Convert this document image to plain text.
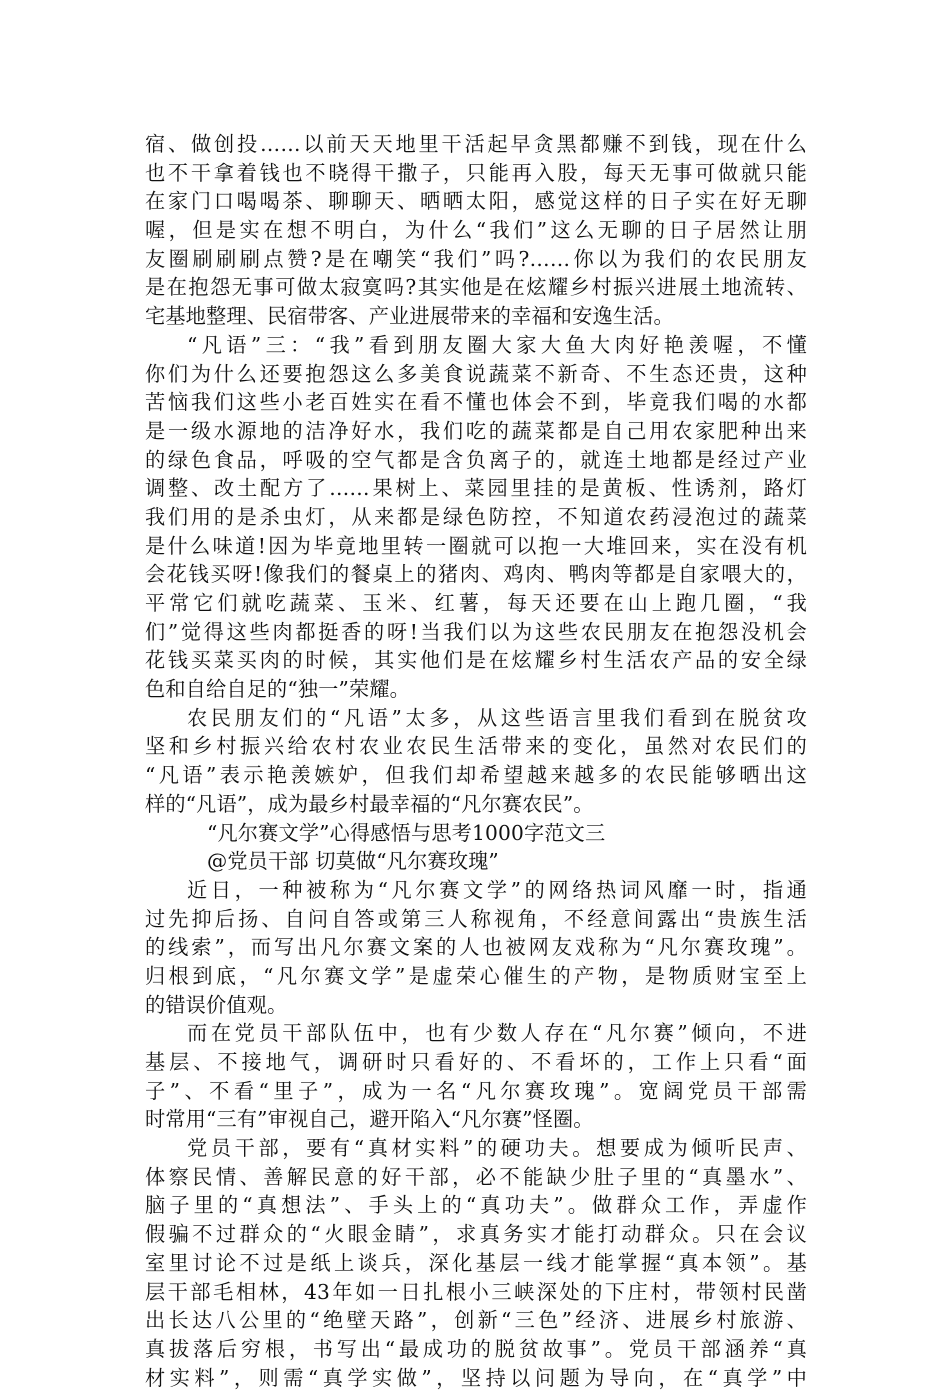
宿、做创投……以前天天地里干活起早贪黑都赚不到钱，现在什么
也不干拿着钱也不晓得干撒子，只能再入股，每天无事可做就只能
在家门口喝喝茶、聊聊天、晒晒太阳，感觉这样的日子实在好无聊
喔，但是实在想不明白，为什么“我们”这么无聊的日子居然让朋
友圈刷刷刷点赞?是在嘲笑“我们”吗?……你以为我们的农民朋友
是在抱怨无事可做太寂寞吗?其实他是在炫耀乡村振兴进展土地流转、
宅基地整理、民宿带客、产业进展带来的幸福和安逸生活。
“凡语”三：“我”看到朋友圈大家大鱼大肉好艳羡喔，不懂
你们为什么还要抱怨这么多美食说蔬菜不新奇、不生态还贵，这种
苦恼我们这些小老百姓实在看不懂也体会不到，毕竟我们喝的水都
是一级水源地的洁净好水，我们吃的蔬菜都是自己用农家肥种出来
的绿色食品，呼吸的空气都是含负离子的，就连土地都是经过产业
调整、改土配方了……果树上、菜园里挂的是黄板、性诱剂，路灯
我们用的是杀虫灯，从来都是绿色防控，不知道农药浸泡过的蔬菜
是什么味道!因为毕竟地里转一圈就可以抱一大堆回来，实在没有机
会花钱买呀!像我们的餐桌上的猪肉、鸡肉、鸭肉等都是自家喂大的，
平常它们就吃蔬菜、玉米、红薯，每天还要在山上跑几圈，“我
们”觉得这些肉都挺香的呀!当我们以为这些农民朋友在抱怨没机会
花钱买菜买肉的时候，其实他们是在炫耀乡村生活农产品的安全绿
色和自给自足的“独一”荣耀。
农民朋友们的“凡语”太多，从这些语言里我们看到在脱贫攻
坚和乡村振兴给农村农业农民生活带来的变化，虽然对农民们的
“凡语”表示艳羡嫉妒，但我们却希望越来越多的农民能够晒出这
样的“凡语”，成为最乡村最幸福的“凡尔赛农民”。
“凡尔赛文学”心得感悟与思考1000字范文三
@党员干部 切莫做“凡尔赛玫瑰”
近日，一种被称为“凡尔赛文学”的网络热词风靡一时，指通
过先抑后扬、自问自答或第三人称视角，不经意间露出“贵族生活
的线索”，而写出凡尔赛文案的人也被网友戏称为“凡尔赛玫瑰”。
归根到底，“凡尔赛文学”是虚荣心催生的产物，是物质财宝至上
的错误价值观。
而在党员干部队伍中，也有少数人存在“凡尔赛”倾向，不进
基层、不接地气，调研时只看好的、不看坏的，工作上只看“面
子”、不看“里子”，成为一名“凡尔赛玫瑰”。宽阔党员干部需
时常用“三有”审视自己，避开陷入“凡尔赛”怪圈。
党员干部，要有“真材实料”的硬功夫。想要成为倾听民声、
体察民情、善解民意的好干部，必不能缺少肚子里的“真墨水”、
脑子里的“真想法”、手头上的“真功夫”。做群众工作，弄虚作
假骗不过群众的“火眼金睛”，求真务实才能打动群众。只在会议
室里讨论不过是纸上谈兵，深化基层一线才能掌握“真本领”。基
层干部毛相林，43年如一日扎根小三峡深处的下庄村，带领村民凿
出长达八公里的“绝壁天路”，创新“三色”经济、进展乡村旅游、
真拔落后穷根，书写出“最成功的脱贫故事”。党员干部涵养“真
材实料”，则需“真学实做”，坚持以问题为导向，在“真学”中
